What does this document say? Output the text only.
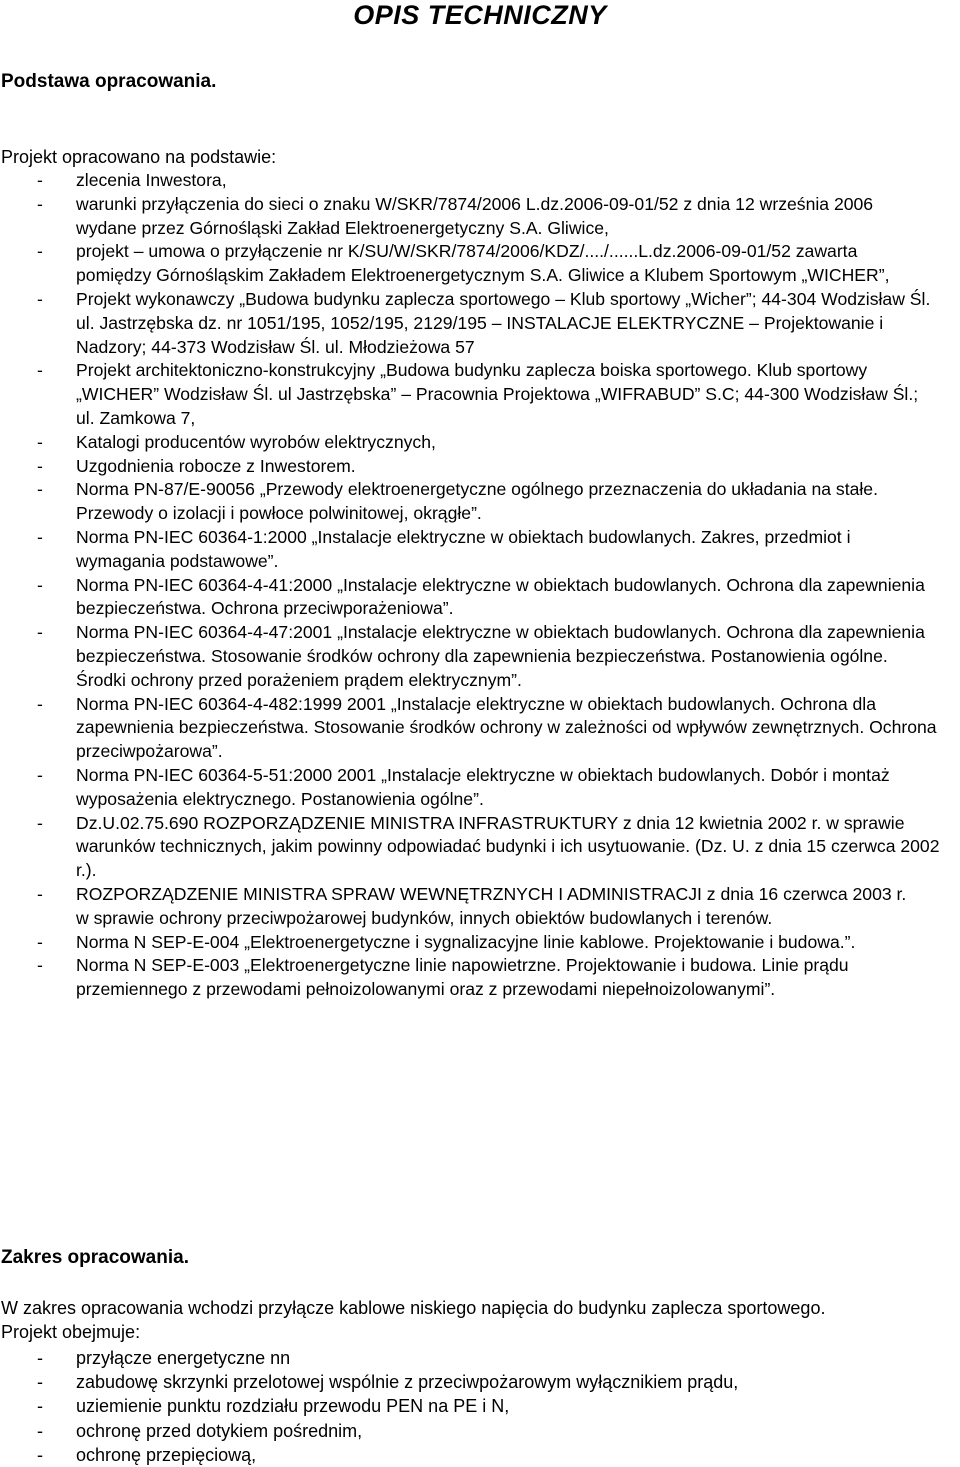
OPIS TECHNICZNY
Podstawa opracowania.
Projekt opracowano na podstawie:
- zlecenia Inwestora,
- warunki przyłączenia do sieci o znaku W/SKR/7874/2006 L.dz.2006-09-01/52 z dnia 12 września 2006 wydane przez Górnośląski Zakład Elektroenergetyczny S.A. Gliwice,
- projekt – umowa o przyłączenie nr K/SU/W/SKR/7874/2006/KDZ/..../......L.dz.2006-09-01/52 zawarta pomiędzy Górnośląskim Zakładem Elektroenergetycznym S.A. Gliwice a Klubem Sportowym „WICHER”,
- Projekt wykonawczy „Budowa budynku zaplecza sportowego – Klub sportowy „Wicher”; 44-304 Wodzisław Śl. ul. Jastrzębska dz. nr 1051/195, 1052/195, 2129/195 – INSTALACJE ELEKTRYCZNE – Projektowanie i Nadzory; 44-373 Wodzisław Śl. ul. Młodzieżowa 57
- Projekt architektoniczno-konstrukcyjny „Budowa budynku zaplecza boiska sportowego. Klub sportowy „WICHER” Wodzisław Śl. ul Jastrzębska” – Pracownia Projektowa „WIFRABUD” S.C; 44-300 Wodzisław Śl.; ul. Zamkowa 7,
- Katalogi producentów wyrobów elektrycznych,
- Uzgodnienia robocze z Inwestorem.
- Norma PN-87/E-90056 „Przewody elektroenergetyczne ogólnego przeznaczenia do układania na stałe. Przewody o izolacji i powłoce polwinitowej, okrągłe”.
- Norma PN-IEC 60364-1:2000 „Instalacje elektryczne w obiektach budowlanych. Zakres, przedmiot i wymagania podstawowe”.
- Norma PN-IEC 60364-4-41:2000 „Instalacje elektryczne w obiektach budowlanych. Ochrona dla zapewnienia bezpieczeństwa. Ochrona przeciwporażeniowa”.
- Norma PN-IEC 60364-4-47:2001 „Instalacje elektryczne w obiektach budowlanych. Ochrona dla zapewnienia bezpieczeństwa. Stosowanie środków ochrony dla zapewnienia bezpieczeństwa. Postanowienia ogólne. Środki ochrony przed porażeniem prądem elektrycznym”.
- Norma PN-IEC 60364-4-482:1999 2001 „Instalacje elektryczne w obiektach budowlanych. Ochrona dla zapewnienia bezpieczeństwa. Stosowanie środków ochrony w zależności od wpływów zewnętrznych. Ochrona przeciwpożarowa”.
- Norma PN-IEC 60364-5-51:2000 2001 „Instalacje elektryczne w obiektach budowlanych. Dobór i montaż wyposażenia elektrycznego. Postanowienia ogólne”.
- Dz.U.02.75.690 ROZPORZĄDZENIE MINISTRA INFRASTRUKTURY z dnia 12 kwietnia 2002 r. w sprawie warunków technicznych, jakim powinny odpowiadać budynki i ich usytuowanie. (Dz. U. z dnia 15 czerwca 2002 r.).
- ROZPORZĄDZENIE MINISTRA SPRAW WEWNĘTRZNYCH I ADMINISTRACJI z dnia 16 czerwca 2003 r. w sprawie ochrony przeciwpożarowej budynków, innych obiektów budowlanych i terenów.
- Norma N SEP-E-004 „Elektroenergetyczne i sygnalizacyjne linie kablowe. Projektowanie i budowa.”.
- Norma N SEP-E-003 „Elektroenergetyczne linie napowietrzne. Projektowanie i budowa. Linie prądu przemiennego z przewodami pełnoizolowanymi oraz z przewodami niepełnoizolowanymi”.
Zakres opracowania.
W zakres opracowania wchodzi przyłącze kablowe niskiego napięcia do budynku zaplecza sportowego. Projekt obejmuje:
- przyłącze energetyczne nn
- zabudowę skrzynki przelotowej wspólnie z przeciwpożarowym wyłącznikiem prądu,
- uziemienie punktu rozdziału przewodu PEN na PE i N,
- ochronę przed dotykiem pośrednim,
- ochronę przepięciową,
